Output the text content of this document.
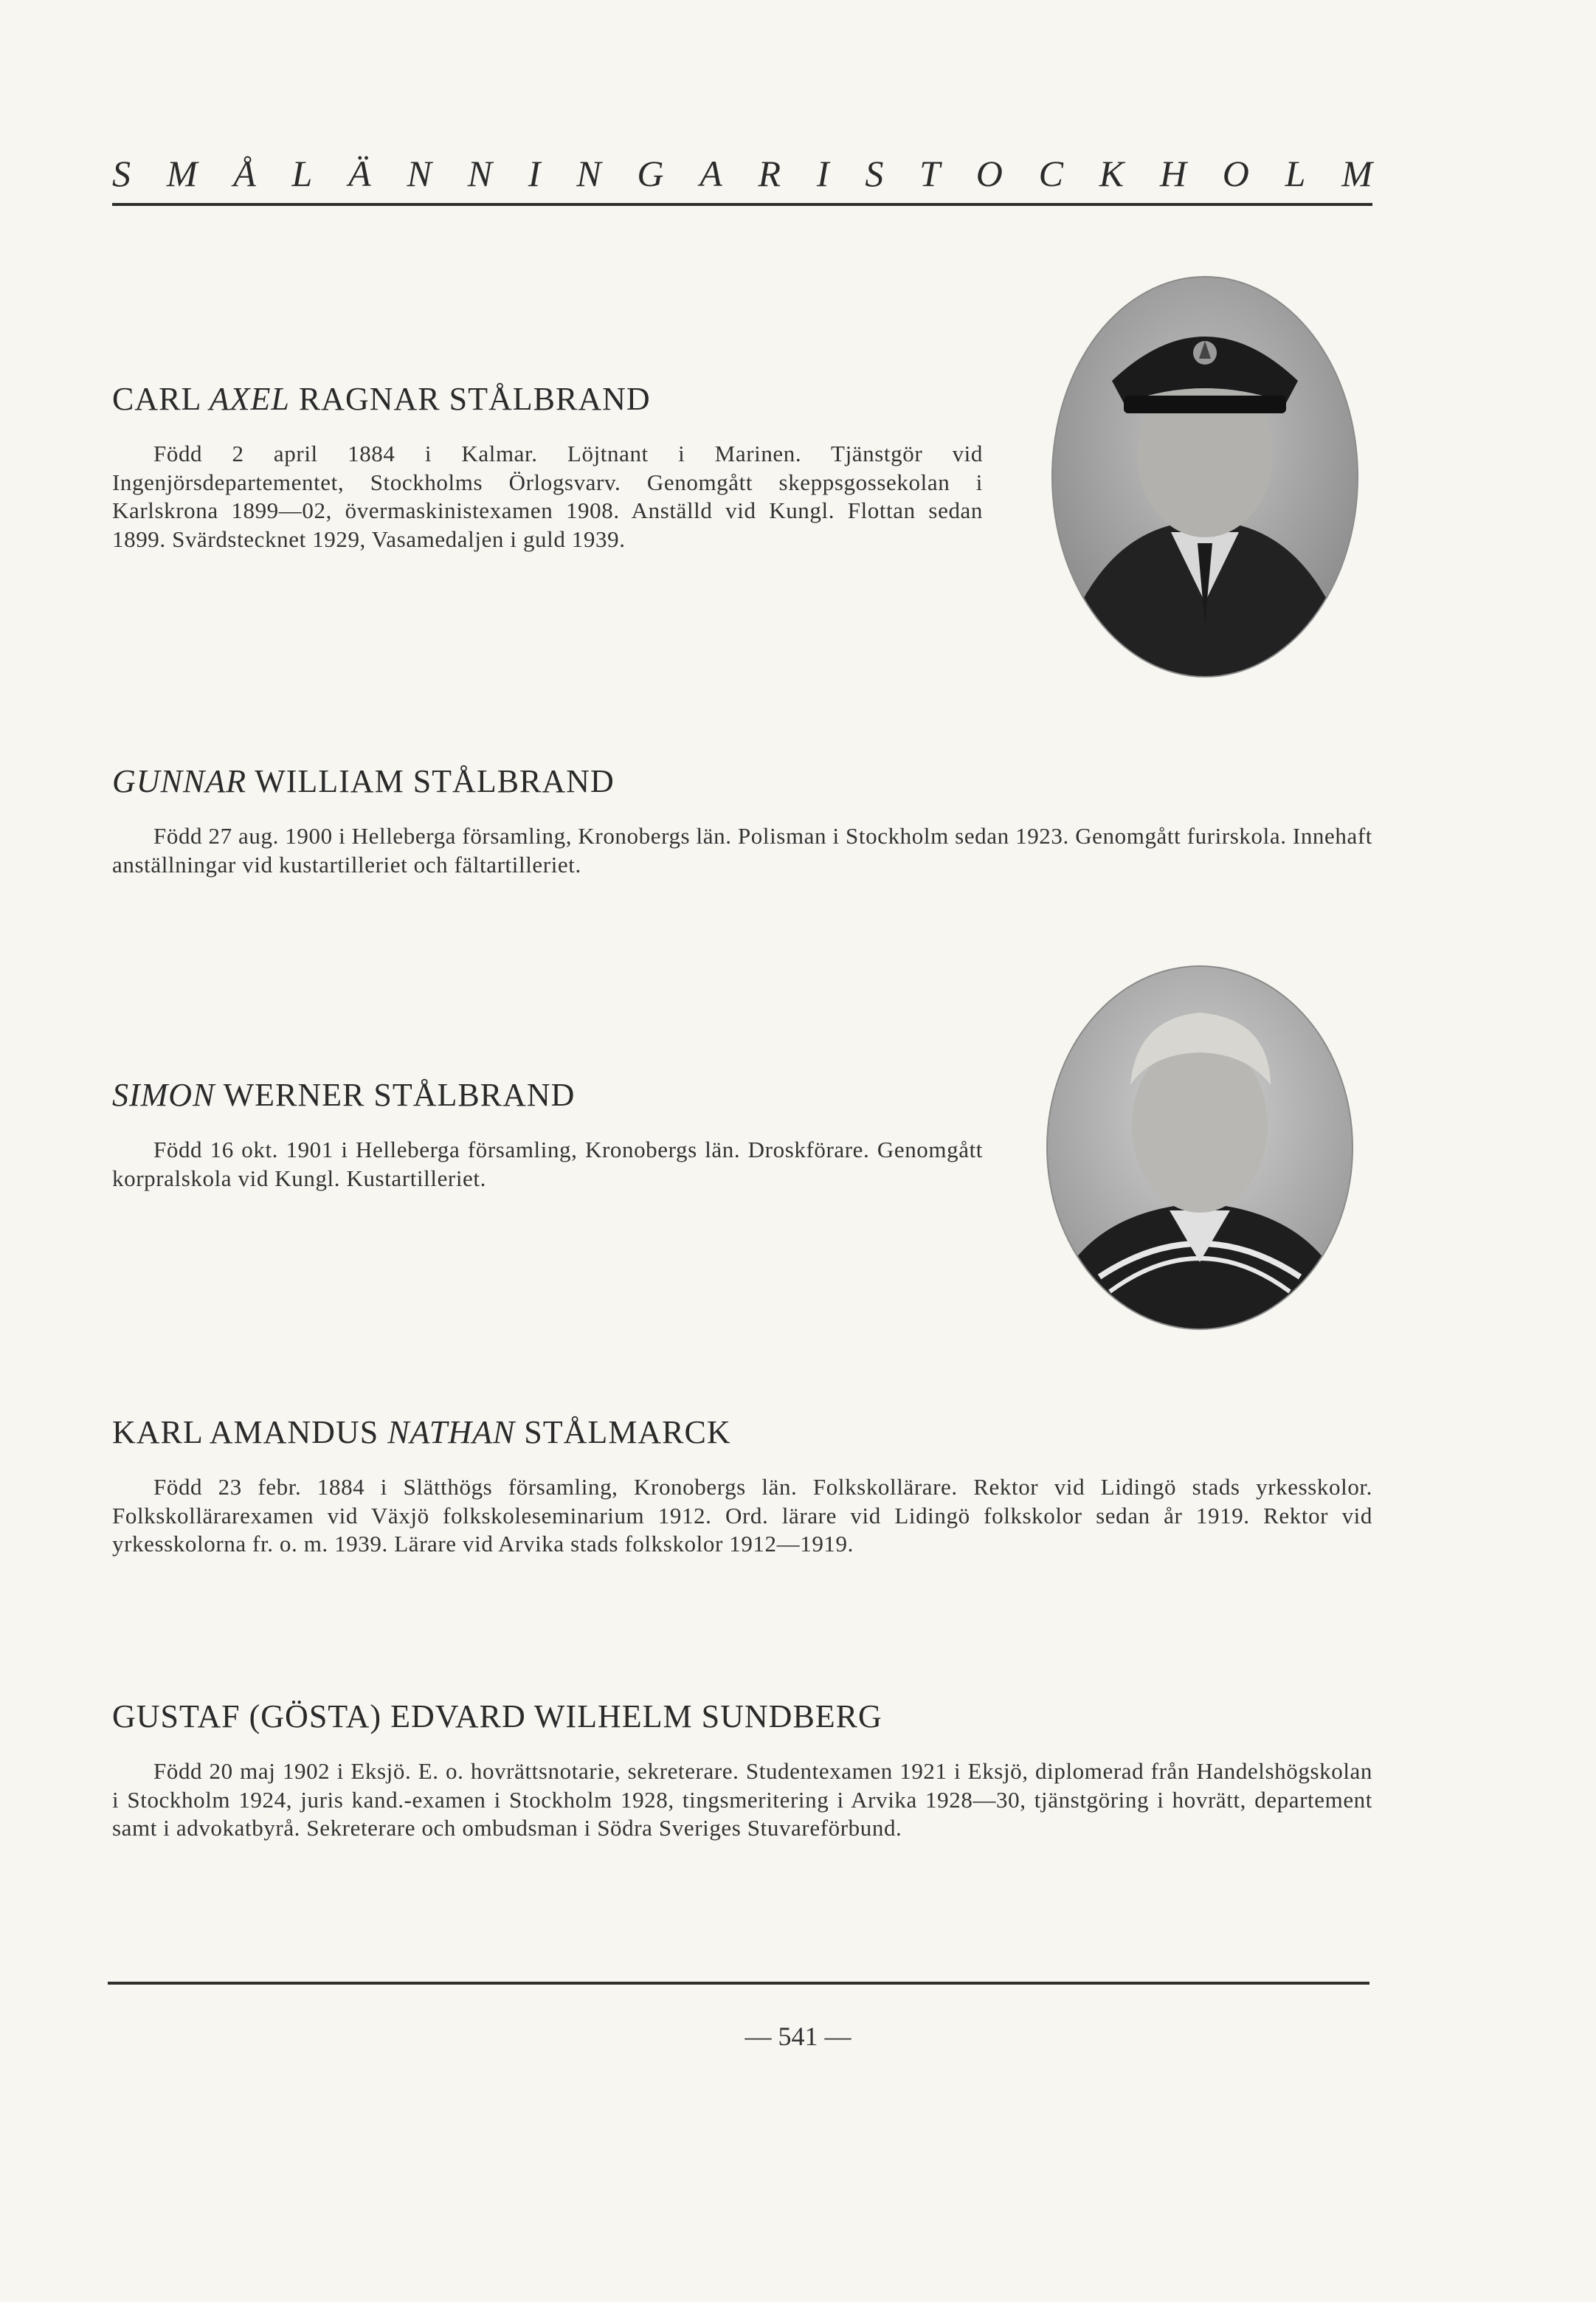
S M Å L Ä N N I N G A R I S T O C K H O L M
CARL AXEL RAGNAR STÅLBRAND

Född 2 april 1884 i Kalmar. Löjtnant i Marinen. Tjänstgör vid Ingenjörsdepartementet, Stockholms Örlogsvarv. Genomgått skeppsgossekolan i Karlskrona 1899—02, övermaskinistexamen 1908. Anställd vid Kungl. Flottan sedan 1899. Svärdstecknet 1929, Vasamedaljen i guld 1939.

GUNNAR WILLIAM STÅLBRAND

Född 27 aug. 1900 i Helleberga församling, Kronobergs län. Polisman i Stockholm sedan 1923. Genomgått furirskola. Innehaft anställningar vid kustartilleriet och fältartilleriet.

SIMON WERNER STÅLBRAND

Född 16 okt. 1901 i Helleberga församling, Kronobergs län. Droskförare. Genomgått korpralskola vid Kungl. Kustartilleriet.

KARL AMANDUS NATHAN STÅLMARCK

Född 23 febr. 1884 i Slätthögs församling, Kronobergs län. Folkskollärare. Rektor vid Lidingö stads yrkesskolor. Folkskollärarexamen vid Växjö folkskoleseminarium 1912. Ord. lärare vid Lidingö folkskolor sedan år 1919. Rektor vid yrkesskolorna fr. o. m. 1939. Lärare vid Arvika stads folkskolor 1912—1919.

GUSTAF (GÖSTA) EDVARD WILHELM SUNDBERG

Född 20 maj 1902 i Eksjö. E. o. hovrättsnotarie, sekreterare. Studentexamen 1921 i Eksjö, diplomerad från Handelshögskolan i Stockholm 1924, juris kand.-examen i Stockholm 1928, tingsmeritering i Arvika 1928—30, tjänstgöring i hovrätt, departement samt i advokatbyrå. Sekreterare och ombudsman i Södra Sveriges Stuvareförbund.

— 541 —
